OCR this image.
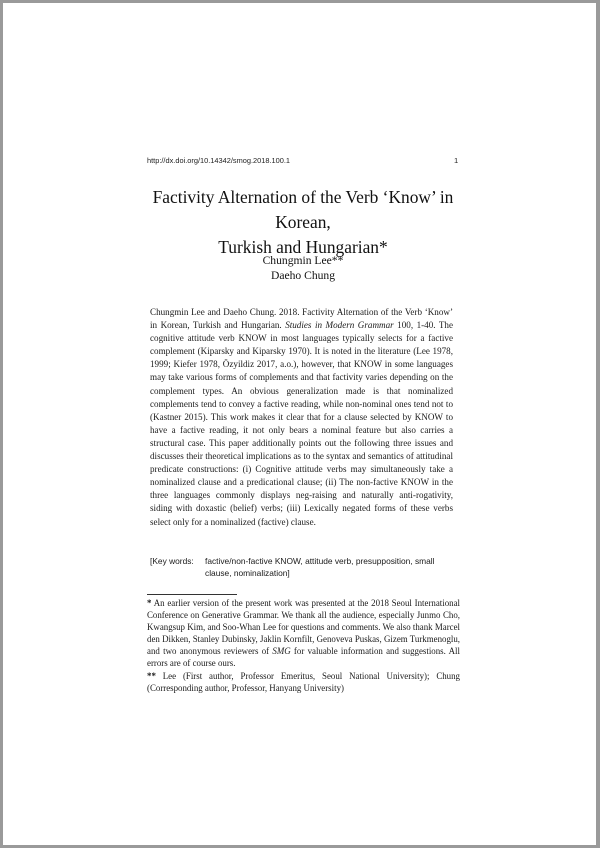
http://dx.doi.org/10.14342/smog.2018.100.1	1
Factivity Alternation of the Verb ‘Know’ in Korean,
Turkish and Hungarian*
Chungmin Lee**
Daeho Chung

Chungmin Lee and Daeho Chung. 2018. Factivity Alternation of the Verb ‘Know’ in Korean, Turkish and Hungarian. Studies in Modern Grammar 100, 1-40. The cognitive attitude verb KNOW in most languages typically selects for a factive complement (Kiparsky and Kiparsky 1970). It is noted in the literature (Lee 1978, 1999; Kiefer 1978, Özyildiz 2017, a.o.), however, that KNOW in some languages may take various forms of complements and that factivity varies depending on the complement types. An obvious generalization made is that nominalized complements tend to convey a factive reading, while non-nominal ones tend not to (Kastner 2015). This work makes it clear that for a clause selected by KNOW to have a factive reading, it not only bears a nominal feature but also carries a structural case. This paper additionally points out the following three issues and discusses their theoretical implications as to the syntax and semantics of attitudinal predicate constructions: (i) Cognitive attitude verbs may simultaneously take a nominalized clause and a predicational clause; (ii) The non-factive KNOW in the three languages commonly displays neg-raising and naturally anti-rogativity, siding with doxastic (belief) verbs; (iii) Lexically negated forms of these verbs select only for a nominalized (factive) clause.

[Key words: factive/non-factive KNOW, attitude verb, presupposition, small clause, nominalization]

* An earlier version of the present work was presented at the 2018 Seoul International Conference on Generative Grammar. We thank all the audience, especially Junmo Cho, Kwangsup Kim, and Soo-Whan Lee for questions and comments. We also thank Marcel den Dikken, Stanley Dubinsky, Jaklin Kornfilt, Genoveva Puskas, Gizem Turkmenoglu, and two anonymous reviewers of SMG for valuable information and suggestions. All errors are of course ours.

** Lee (First author, Professor Emeritus, Seoul National University); Chung (Corresponding author, Professor, Hanyang University)
